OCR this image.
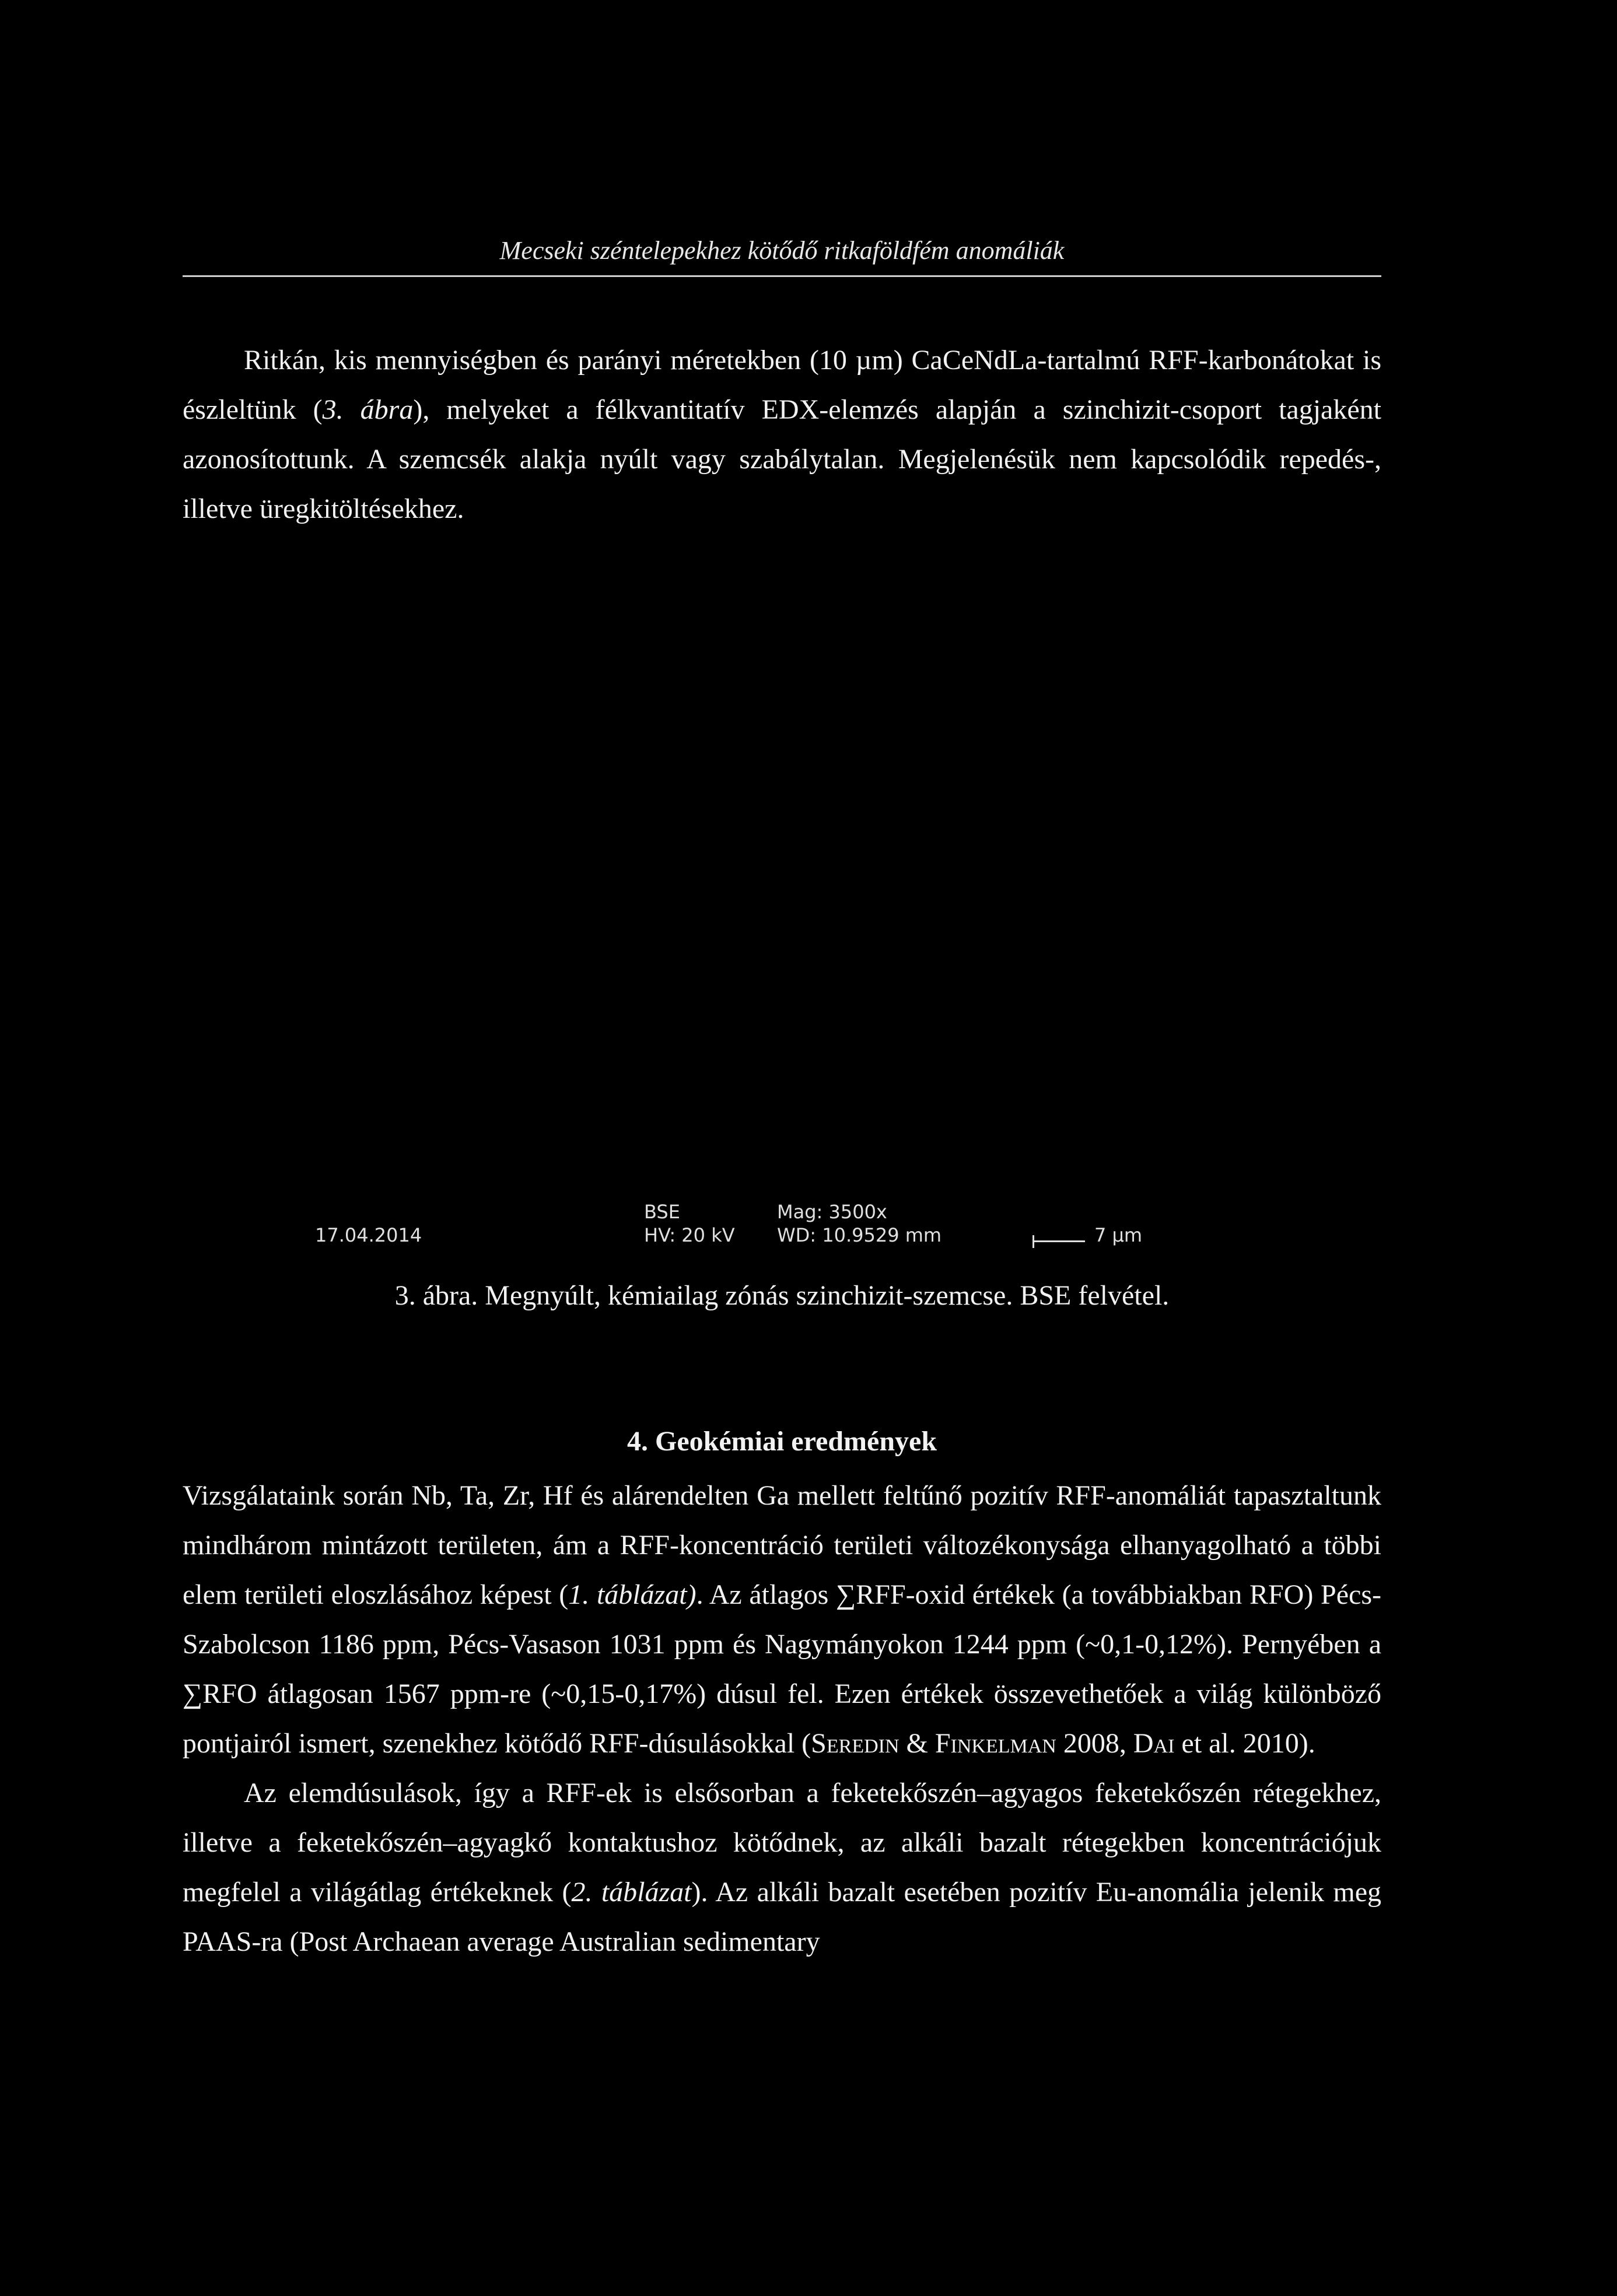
Mecseki széntelepekhez kötődő ritkaföldfém anomáliák

Ritkán, kis mennyiségben és parányi méretekben (10 µm) CaCeNdLa-tartalmú RFF-karbonátokat is észleltünk (3. ábra), melyeket a félkvantitatív EDX-elemzés alapján a szinchizit-csoport tagjaként azonosítottunk. A szemcsék alakja nyúlt vagy szabálytalan. Megjelenésük nem kapcsolódik repedés-, illetve üregkitöltésekhez.

17.04.2014
BSE
HV: 20 kV
Mag: 3500x
WD: 10.9529 mm	7 µm
3. ábra. Megnyúlt, kémiailag zónás szinchizit-szemcse. BSE felvétel.
4. Geokémiai eredmények

Vizsgálataink során Nb, Ta, Zr, Hf és alárendelten Ga mellett feltűnő pozitív RFF-anomáliát tapasztaltunk mindhárom mintázott területen, ám a RFF-koncentráció területi változékonysága elhanyagolható a többi elem területi eloszlásához képest (1. táblázat). Az átlagos ∑RFF-oxid értékek (a továbbiakban RFO) Pécs-Szabolcson 1186 ppm, Pécs-Vasason 1031 ppm és Nagymányokon 1244 ppm (~0,1-0,12%). Pernyében a ∑RFO átlagosan 1567 ppm-re (~0,15-0,17%) dúsul fel. Ezen értékek összevethetőek a világ különböző pontjairól ismert, szenekhez kötődő RFF-dúsulásokkal (Seredin & Finkelman 2008, Dai et al. 2010).

Az elemdúsulások, így a RFF-ek is elsősorban a feketekőszén–agyagos feketekőszén rétegekhez, illetve a feketekőszén–agyagkő kontaktushoz kötődnek, az alkáli bazalt rétegekben koncentrációjuk megfelel a világátlag értékeknek (2. táblázat). Az alkáli bazalt esetében pozitív Eu-anomália jelenik meg PAAS-ra (Post Archaean average Australian sedimentary
